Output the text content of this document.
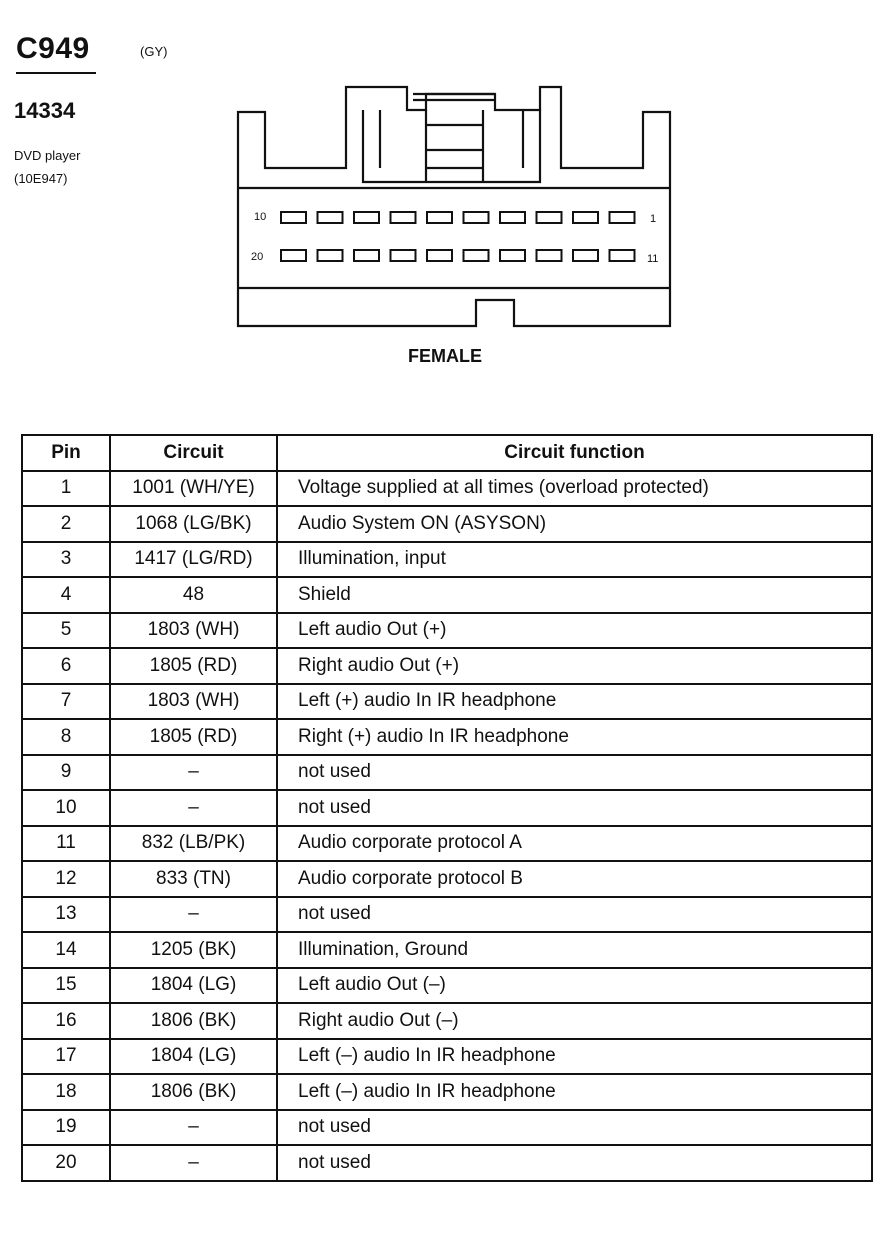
C949	(GY)
14334
DVD player
(10E947)
10	1
20	11
FEMALE
Pin	Circuit	Circuit function
1	1001 (WH/YE)	Voltage supplied at all times (overload protected)
2	1068 (LG/BK)	Audio System ON (ASYSON)
3	1417 (LG/RD)	Illumination, input
4	48	Shield
5	1803 (WH)	Left audio Out (+)
6	1805 (RD)	Right audio Out (+)
7	1803 (WH)	Left (+) audio In IR headphone
8	1805 (RD)	Right (+) audio In IR headphone
9	–	not used
10	–	not used
11	832 (LB/PK)	Audio corporate protocol A
12	833 (TN)	Audio corporate protocol B
13	–	not used
14	1205 (BK)	Illumination, Ground
15	1804 (LG)	Left audio Out (–)
16	1806 (BK)	Right audio Out (–)
17	1804 (LG)	Left (–) audio In IR headphone
18	1806 (BK)	Left (–) audio In IR headphone
19	–	not used
20	–	not used
